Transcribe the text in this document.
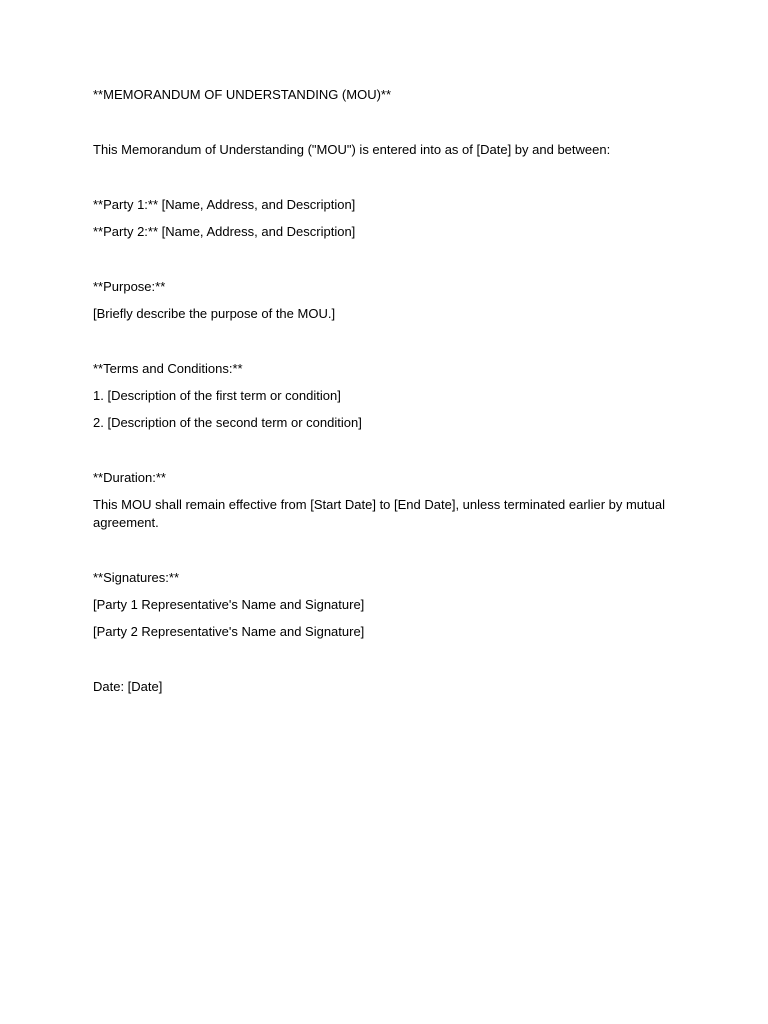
**MEMORANDUM OF UNDERSTANDING (MOU)**

This Memorandum of Understanding ("MOU") is entered into as of [Date] by and between:

**Party 1:** [Name, Address, and Description]

**Party 2:** [Name, Address, and Description]

**Purpose:**

[Briefly describe the purpose of the MOU.]

**Terms and Conditions:**

1. [Description of the first term or condition]

2. [Description of the second term or condition]

**Duration:**

This MOU shall remain effective from [Start Date] to [End Date], unless terminated earlier by mutual agreement.

**Signatures:**

[Party 1 Representative's Name and Signature]

[Party 2 Representative's Name and Signature]

Date: [Date]
